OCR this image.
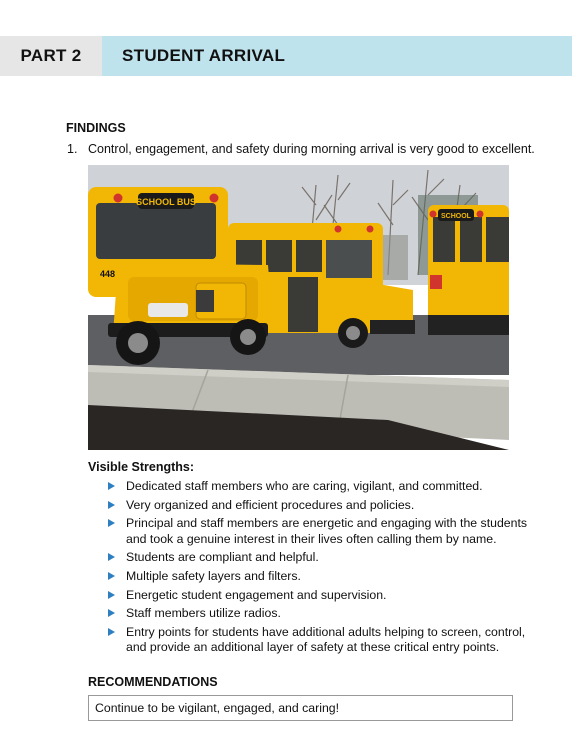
PART 2	STUDENT ARRIVAL
FINDINGS
1. Control, engagement, and safety during morning arrival is very good to excellent.
SCHOOL
SCHOOL BUS
448
Visible Strengths:
Dedicated staff members who are caring, vigilant, and committed.
Very organized and efficient procedures and policies.
Principal and staff members are energetic and engaging with the students and took a genuine interest in their lives often calling them by name.
Students are compliant and helpful.
Multiple safety layers and filters.
Energetic student engagement and supervision.
Staff members utilize radios.
Entry points for students have additional adults helping to screen, control, and provide an additional layer of safety at these critical entry points.
RECOMMENDATIONS
Continue to be vigilant, engaged, and caring!
